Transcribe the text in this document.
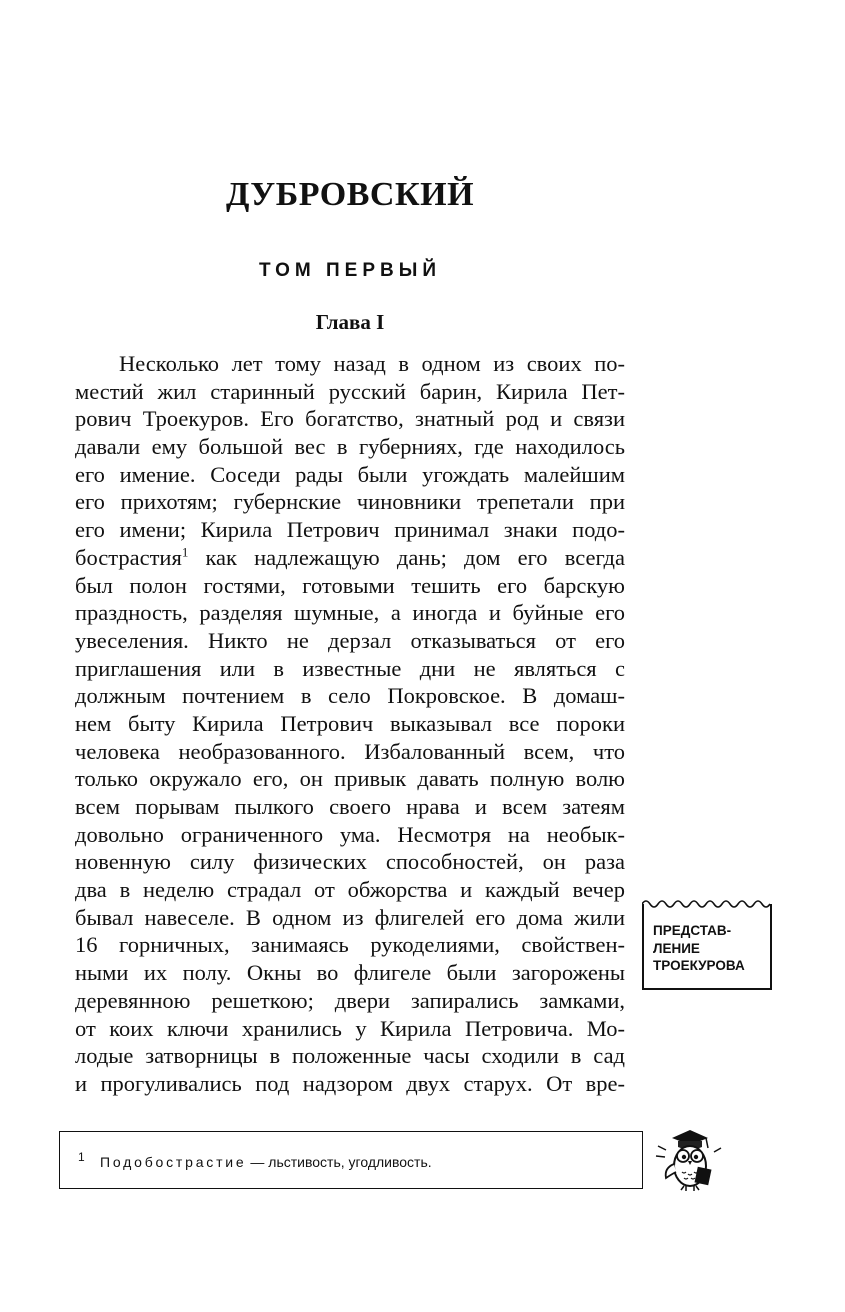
ДУБРОВСКИЙ
ТОМ ПЕРВЫЙ
Глава I
Несколько лет тому назад в одном из своих по-
местий жил старинный русский барин, Кирила Пет-
рович Троекуров. Его богатство, знатный род и связи
давали ему большой вес в губерниях, где находилось
его имение. Соседи рады были угождать малейшим
его прихотям; губернские чиновники трепетали при
его имени; Кирила Петрович принимал знаки подо-
бострастия$^1$ как надлежащую дань; дом его всегда
был полон гостями, готовыми тешить его барскую
праздность, разделяя шумные, а иногда и буйные его
увеселения. Никто не дерзал отказываться от его
приглашения или в известные дни не являться с
должным почтением в село Покровское. В домаш-
нем быту Кирила Петрович выказывал все пороки
человека необразованного. Избалованный всем, что
только окружало его, он привык давать полную волю
всем порывам пылкого своего нрава и всем затеям
довольно ограниченного ума. Несмотря на необык-
новенную силу физических способностей, он раза
два в неделю страдал от обжорства и каждый вечер
бывал навеселе. В одном из флигелей его дома жили
16 горничных, занимаясь рукоделиями, свойствен-
ными их полу. Окны во флигеле были загорожены
деревянною решеткою; двери запирались замками,
от коих ключи хранились у Кирила Петровича. Мо-
лодые затворницы в положенные часы сходили в сад
и прогуливались под надзором двух старух. От вре-
ПРЕДСТАВ-
ЛЕНИЕ
ТРОЕКУРОВА
1 Подобострастие — льстивость, угодливость.
